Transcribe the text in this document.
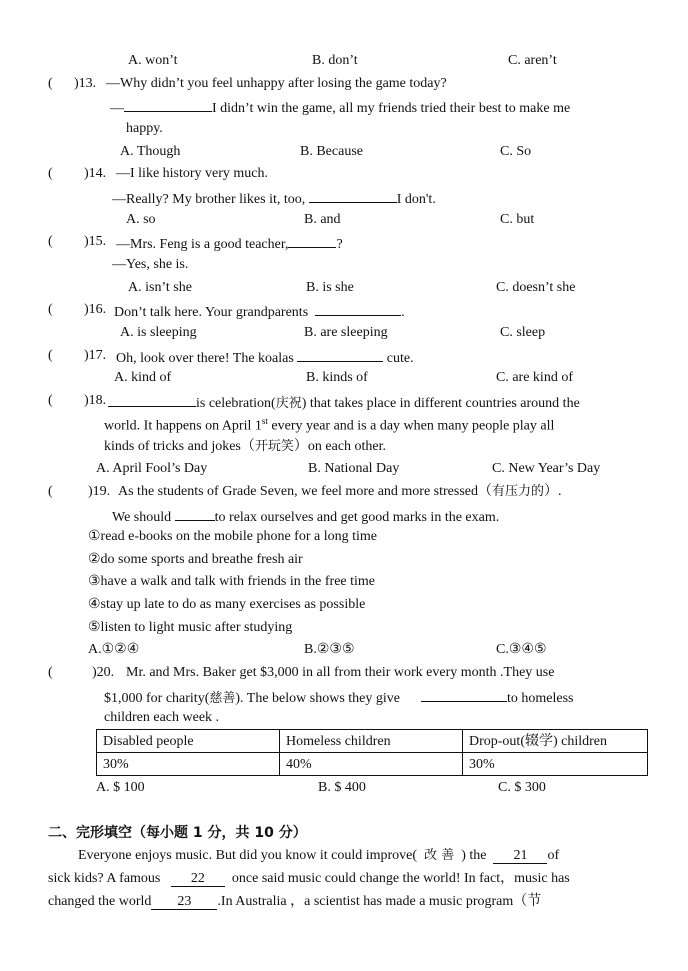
A. won’t	B. don’t	C. aren’t
( )13. —Why didn’t you feel unhappy after losing the game today?
—	I didn’t win the game, all my friends tried their best to make me
happy.
A. Though	B. Because	C. So
( )14. —I like history very much.
—Really? My brother likes it, too,	I don't.
A. so	B. and	C. but
( )15. —Mrs. Feng is a good teacher,	?
—Yes, she is.
A. isn’t she	B. is she	C. doesn’t she
( )16. Don’t talk here. Your grandparents	.
A. is sleeping	B. are sleeping	C. sleep
( )17. Oh, look over there! The koalas	cute.
A. kind of	B. kinds of	C. are kind of
( )18.	is celebration(庆祝) that takes place in different countries around the
world. It happens on April 1st every year and is a day when many people play all
kinds of tricks and jokes（开玩笑）on each other.
A. April Fool’s Day	B. National Day	C. New Year’s Day
(	)19. As the students of Grade Seven, we feel more and more stressed（有压力的）.
We should	to relax ourselves and get good marks in the exam.
①read e-books on the mobile phone for a long time
②do some sports and breathe fresh air
③have a walk and talk with friends in the free time
④stay up late to do as many exercises as possible
⑤listen to light music after studying
A.①②④	B.②③⑤	C.③④⑤
(	)20. Mr. and Mrs. Baker get $3,000 in all from their work every month .They use
$1,000 for charity(慈善). The below shows they give	to homeless
children each week .
Disabled people	Homeless children	Drop-out(辍学) children
30%	40%	30%
A. $ 100	B. $ 400	C. $ 300
二、完形填空（每小题 1 分，共 10 分）
Everyone enjoys music. But did you know it could improve( 改 善 ) the 21 of
sick kids? A famous 22 once said music could change the world! In fact，music has
changed the world 23 .In Australia ，a scientist has made a music program（节
